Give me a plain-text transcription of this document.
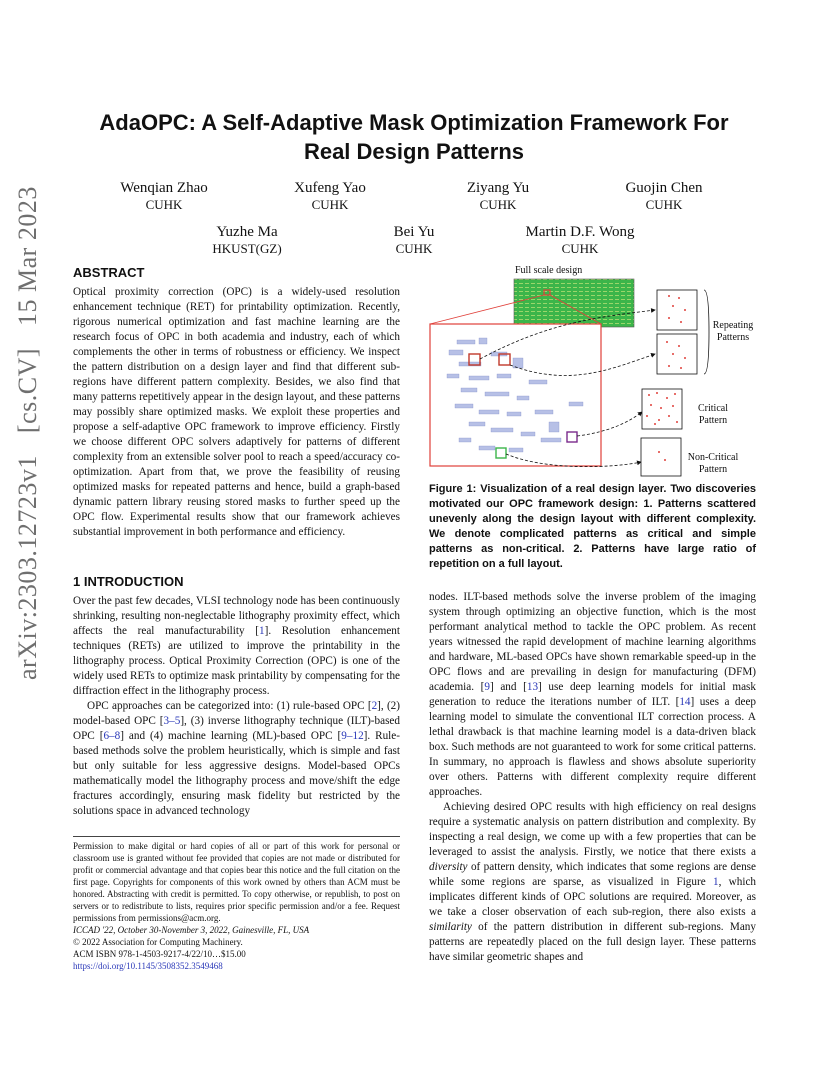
arXiv:2303.12723v1
[cs.CV]
15 Mar 2023
AdaOPC: A Self-Adaptive Mask Optimization Framework For
Real Design Patterns
Wenqian Zhao
CUHK
Xufeng Yao
CUHK
Ziyang Yu
CUHK
Guojin Chen
CUHK
Yuzhe Ma
HKUST(GZ)
Bei Yu
CUHK
Martin D.F. Wong
CUHK
ABSTRACT

Optical proximity correction (OPC) is a widely-used resolution enhancement technique (RET) for printability optimization. Recently, rigorous numerical optimization and fast machine learning are the research focus of OPC in both academia and industry, each of which complements the other in terms of robustness or efficiency. We inspect the pattern distribution on a design layer and find that different sub-regions have different pattern complexity. Besides, we also find that many patterns repetitively appear in the design layout, and these patterns may possibly share optimized masks. We exploit these properties and propose a self-adaptive OPC framework to improve efficiency. Firstly we choose different OPC solvers adaptively for patterns of different complexity from an extensible solver pool to reach a speed/accuracy co-optimization. Apart from that, we prove the feasibility of reusing optimized masks for repeated patterns and hence, build a graph-based dynamic pattern library reusing stored masks to further speed up the OPC flow. Experimental results show that our framework achieves substantial improvement in both performance and efficiency.

1 INTRODUCTION

Over the past few decades, VLSI technology node has been continuously shrinking, resulting non-neglectable lithography proximity effect, which affects the real manufacturability [1]. Resolution enhancement techniques (RETs) are utilized to improve the printability in the lithography process. Optical Proximity Correction (OPC) is one of the widely used RETs to optimize mask printability by compensating for the diffraction effect in the lithography process.

OPC approaches can be categorized into: (1) rule-based OPC [2], (2) model-based OPC [3–5], (3) inverse lithography technique (ILT)-based OPC [6–8] and (4) machine learning (ML)-based OPC [9–12]. Rule-based methods solve the problem heuristically, which is simple and fast but only suitable for less aggressive designs. Model-based OPCs mathematically model the lithography process and move/shift the edge fractures accordingly, ensuring mask fidelity but restricted by the solutions space in advanced technology

Permission to make digital or hard copies of all or part of this work for personal or classroom use is granted without fee provided that copies are not made or distributed for profit or commercial advantage and that copies bear this notice and the full citation on the first page. Copyrights for components of this work owned by others than ACM must be honored. Abstracting with credit is permitted. To copy otherwise, or republish, to post on servers or to redistribute to lists, requires prior specific permission and/or a fee. Request permissions from permissions@acm.org.
ICCAD '22, October 30-November 3, 2022, Gainesville, FL, USA
© 2022 Association for Computing Machinery.
ACM ISBN 978-1-4503-9217-4/22/10…$15.00
https://doi.org/10.1145/3508352.3549468
Full scale design
Repeating
Patterns
Critical
Pattern
Non-Critical
Pattern
Figure 1: Visualization of a real design layer. Two discoveries motivated our OPC framework design: 1. Patterns scattered unevenly along the design layout with different complexity. We denote complicated patterns as critical and simple patterns as non-critical. 2. Patterns have large ratio of repetition on a full layout.

nodes. ILT-based methods solve the inverse problem of the imaging system through optimizing an objective function, which is the most performant analytical method to tackle the OPC problem. As recent years witnessed the rapid development of machine learning algorithms and hardware, ML-based OPCs have shown remarkable speed-up in the OPC flows and are prevailing in design for manufacturing (DFM) academia. [9] and [13] use deep learning models for initial mask generation to reduce the iterations number of ILT. [14] uses a deep learning model to simulate the conventional ILT correction process. A lethal drawback is that machine learning model is a data-driven black box. Such methods are not guaranteed to work for some critical patterns. In summary, no approach is flawless and shows absolute superiority over others. Patterns with different complexity require different approaches.

Achieving desired OPC results with high efficiency on real designs require a systematic analysis on pattern distribution and complexity. By inspecting a real design, we come up with a few properties that can be leveraged to assist the analysis. Firstly, we notice that there exists a diversity of pattern density, which indicates that some regions are dense while some regions are sparse, as visualized in Figure 1, which implicates different kinds of OPC solutions are required. Moreover, as we take a closer observation of each sub-region, there also exists a similarity of the pattern distribution in different sub-regions. Many patterns are repeatedly placed on the full design layer. These patterns have similar geometric shapes and
